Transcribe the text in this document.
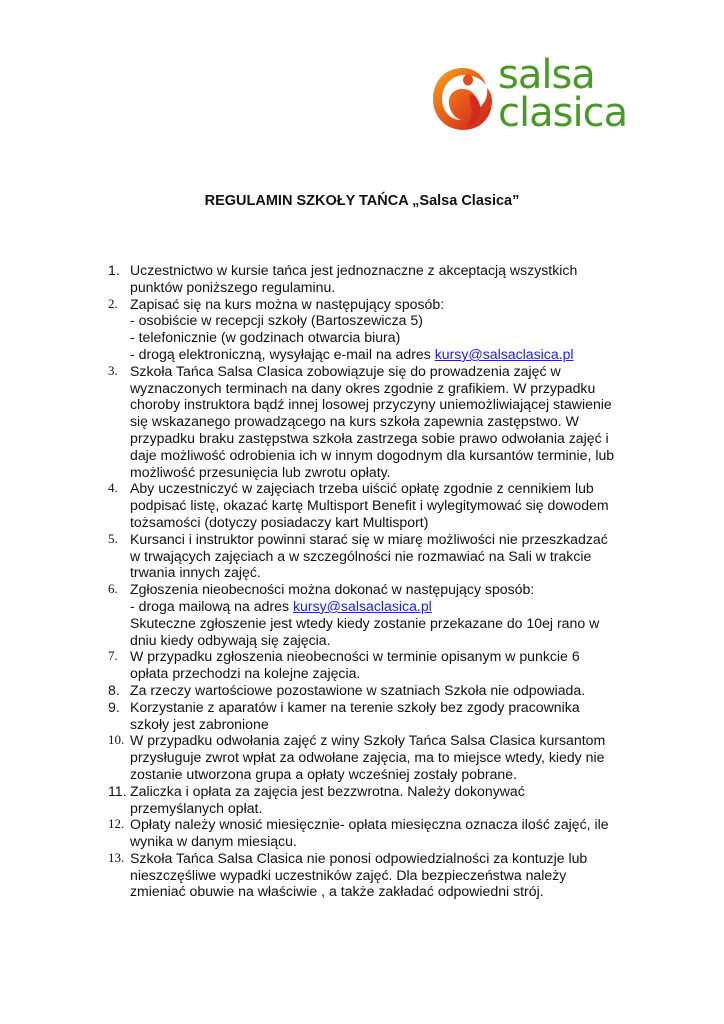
salsa
clasica
REGULAMIN SZKOŁY TAŃCA „Salsa Clasica”
1. Uczestnictwo w kursie tańca jest jednoznaczne z akceptacją wszystkich
punktów poniższego regulaminu.
2. Zapisać się na kurs można w następujący sposób:
- osobiście w recepcji szkoły (Bartoszewicza 5)
- telefonicznie (w godzinach otwarcia biura)
- drogą elektroniczną, wysyłając e-mail na adres kursy@salsaclasica.pl
3. Szkoła Tańca Salsa Clasica zobowiązuje się do prowadzenia zajęć w
wyznaczonych terminach na dany okres zgodnie z grafikiem. W przypadku
choroby instruktora bądź innej losowej przyczyny uniemożliwiającej stawienie
się wskazanego prowadzącego na kurs szkoła zapewnia zastępstwo. W
przypadku braku zastępstwa szkoła zastrzega sobie prawo odwołania zajęć i
daje możliwość odrobienia ich w innym dogodnym dla kursantów terminie, lub
możliwość przesunięcia lub zwrotu opłaty.
4. Aby uczestniczyć w zajęciach trzeba uiścić opłatę zgodnie z cennikiem lub
podpisać listę, okazać kartę Multisport Benefit i wylegitymować się dowodem
tożsamości (dotyczy posiadaczy kart Multisport)
5. Kursanci i instruktor powinni starać się w miarę możliwości nie przeszkadzać
w trwających zajęciach a w szczególności nie rozmawiać na Sali w trakcie
trwania innych zajęć.
6. Zgłoszenia nieobecności można dokonać w następujący sposób:
- droga mailową na adres kursy@salsaclasica.pl
Skuteczne zgłoszenie jest wtedy kiedy zostanie przekazane do 10ej rano w
dniu kiedy odbywają się zajęcia.
7. W przypadku zgłoszenia nieobecności w terminie opisanym w punkcie 6
opłata przechodzi na kolejne zajęcia.
8. Za rzeczy wartościowe pozostawione w szatniach Szkoła nie odpowiada.
9. Korzystanie z aparatów i kamer na terenie szkoły bez zgody pracownika
szkoły jest zabronione
10. W przypadku odwołania zajęć z winy Szkoły Tańca Salsa Clasica kursantom
przysługuje zwrot wpłat za odwołane zajęcia, ma to miejsce wtedy, kiedy nie
zostanie utworzona grupa a opłaty wcześniej zostały pobrane.
11. Zaliczka i opłata za zajęcia jest bezzwrotna. Należy dokonywać
przemyślanych opłat.
12. Opłaty należy wnosić miesięcznie- opłata miesięczna oznacza ilość zajęć, ile
wynika w danym miesiącu.
13. Szkoła Tańca Salsa Clasica nie ponosi odpowiedzialności za kontuzje lub
nieszczęśliwe wypadki uczestników zajęć. Dla bezpieczeństwa należy
zmieniać obuwie na właściwie , a także zakładać odpowiedni strój.
